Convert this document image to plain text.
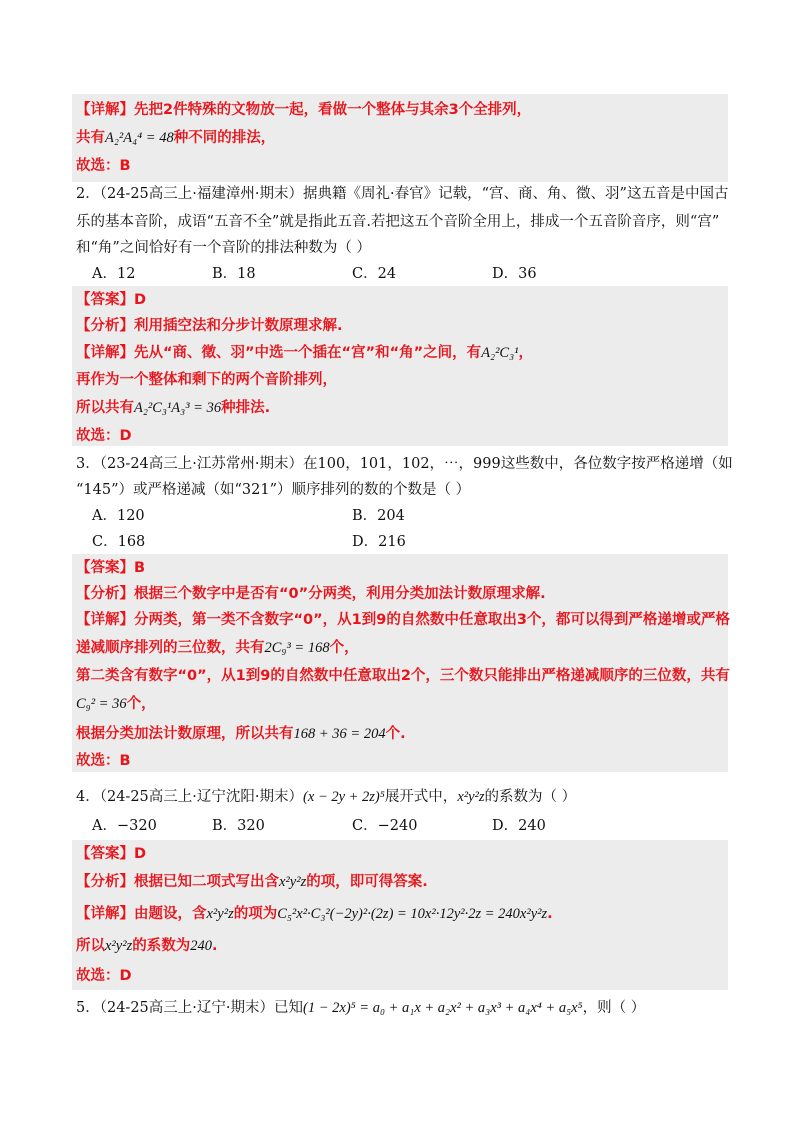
【详解】先把2件特殊的文物放一起，看做一个整体与其余3个全排列，
共有A₂²A₄⁴ = 48种不同的排法，
故选：B
2．（24-25高三上·福建漳州·期末）据典籍《周礼·春官》记载，“宫、商、角、徵、羽”这五音是中国古
乐的基本音阶，成语“五音不全”就是指此五音.若把这五个音阶全用上，排成一个五音阶音序，则“宫”
和“角”之间恰好有一个音阶的排法种数为（ ）
A．12	B．18	C．24	D．36
【答案】D
【分析】利用插空法和分步计数原理求解.
【详解】先从“商、徵、羽”中选一个插在“宫”和“角”之间，有A₂²C₃¹，
再作为一个整体和剩下的两个音阶排列，
所以共有A₂²C₃¹A₃³ = 36种排法.
故选：D
3．（23-24高三上·江苏常州·期末）在100，101，102，⋯，999这些数中，各位数字按严格递增（如
“145”）或严格递减（如“321”）顺序排列的数的个数是（ ）
A．120	B．204
C．168	D．216
【答案】B
【分析】根据三个数字中是否有“0”分两类，利用分类加法计数原理求解.
【详解】分两类，第一类不含数字“0”，从1到9的自然数中任意取出3个，都可以得到严格递增或严格
递减顺序排列的三位数，共有2C₉³ = 168个，
第二类含有数字“0”，从1到9的自然数中任意取出2个，三个数只能排出严格递减顺序的三位数，共有
C₉² = 36个，
根据分类加法计数原理，所以共有168 + 36 = 204个.
故选：B
4．（24-25高三上·辽宁沈阳·期末）(x − 2y + 2z)⁵展开式中，x²y²z的系数为（ ）
A．−320	B．320	C．−240	D．240
【答案】D
【分析】根据已知二项式写出含x²y²z的项，即可得答案.
【详解】由题设，含x²y²z的项为C₅²x²·C₃²(−2y)²·(2z) = 10x²·12y²·2z = 240x²y²z.
所以x²y²z的系数为240.
故选：D
5．（24-25高三上·辽宁·期末）已知(1 − 2x)⁵ = a₀ + a₁x + a₂x² + a₃x³ + a₄x⁴ + a₅x⁵，则（ ）
